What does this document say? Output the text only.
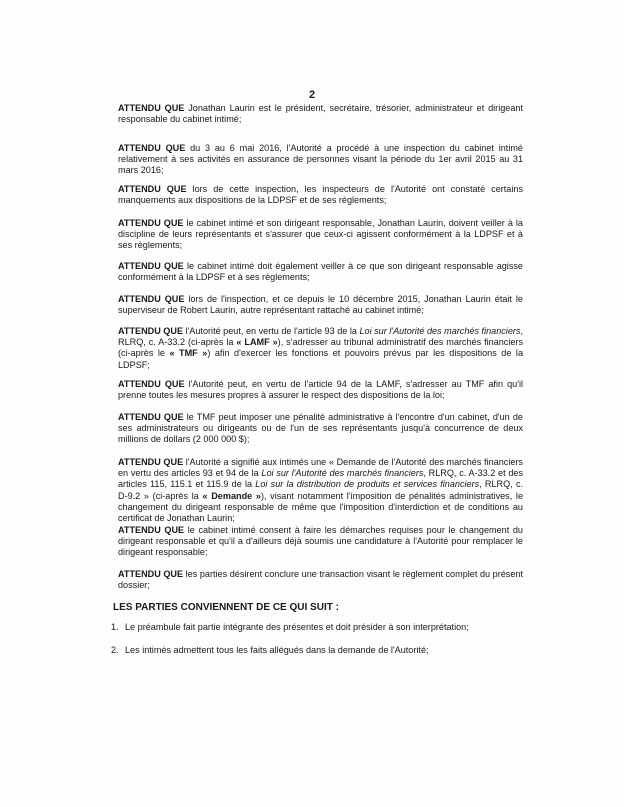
2

ATTENDU QUE Jonathan Laurin est le président, secrétaire, trésorier, administrateur et dirigeant responsable du cabinet intimé;

ATTENDU QUE du 3 au 6 mai 2016, l'Autorité a procédé à une inspection du cabinet intimé relativement à ses activités en assurance de personnes visant la période du 1er avril 2015 au 31 mars 2016;

ATTENDU QUE lors de cette inspection, les inspecteurs de l'Autorité ont constaté certains manquements aux dispositions de la LDPSF et de ses règlements;

ATTENDU QUE le cabinet intimé et son dirigeant responsable, Jonathan Laurin, doivent veiller à la discipline de leurs représentants et s'assurer que ceux-ci agissent conformément à la LDPSF et à ses règlements;

ATTENDU QUE le cabinet intimé doit également veiller à ce que son dirigeant responsable agisse conformément à la LDPSF et à ses règlements;

ATTENDU QUE lors de l'inspection, et ce depuis le 10 décembre 2015, Jonathan Laurin était le superviseur de Robert Laurin, autre représentant rattaché au cabinet intimé;

ATTENDU QUE l'Autorité peut, en vertu de l'article 93 de la Loi sur l'Autorité des marchés financiers, RLRQ, c. A-33.2 (ci-après la « LAMF »), s'adresser au tribunal administratif des marchés financiers (ci-après le « TMF ») afin d'exercer les fonctions et pouvoirs prévus par les dispositions de la LDPSF;

ATTENDU QUE l'Autorité peut, en vertu de l'article 94 de la LAMF, s'adresser au TMF afin qu'il prenne toutes les mesures propres à assurer le respect des dispositions de la loi;

ATTENDU QUE le TMF peut imposer une pénalité administrative à l'encontre d'un cabinet, d'un de ses administrateurs ou dirigeants ou de l'un de ses représentants jusqu'à concurrence de deux millions de dollars (2 000 000 $);

ATTENDU QUE l'Autorité a signifié aux intimés une « Demande de l'Autorité des marchés financiers en vertu des articles 93 et 94 de la Loi sur l'Autorité des marchés financiers, RLRQ, c. A-33.2 et des articles 115, 115.1 et 115.9 de la Loi sur la distribution de produits et services financiers, RLRQ, c. D-9.2 » (ci-après la « Demande »), visant notamment l'imposition de pénalités administratives, le changement du dirigeant responsable de même que l'imposition d'interdiction et de conditions au certificat de Jonathan Laurin;

ATTENDU QUE le cabinet intimé consent à faire les démarches requises pour le changement du dirigeant responsable et qu'il a d'ailleurs déjà soumis une candidature à l'Autorité pour remplacer le dirigeant responsable;

ATTENDU QUE les parties désirent conclure une transaction visant le règlement complet du présent dossier;

LES PARTIES CONVIENNENT DE CE QUI SUIT :
1. Le préambule fait partie intégrante des présentes et doit présider à son interprétation;
2. Les intimés admettent tous les faits allégués dans la demande de l'Autorité;
